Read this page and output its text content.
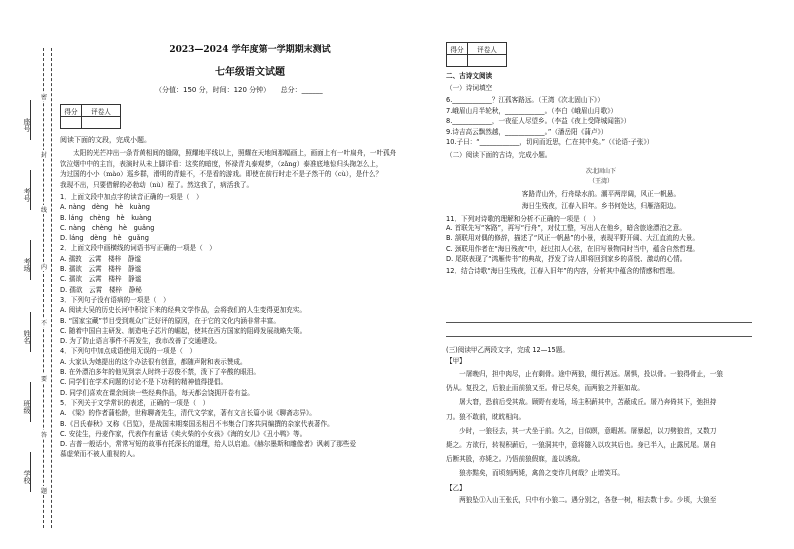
座号
考号
考场
姓名
班级
学校
密
封
线
内
不
要
答
题
2023—2024 学年度第一学期期末测试
七年级语文试题
（分值：150 分，时间：120 分钟）　　总分：______
得分	评卷人

阅读下面的文段，完成小题。
　　太阳的光芒冲出一条青黄相间的缝隙，照耀地平线以上，照耀在天地间那幅画上，画面上有一叶扁舟，一叶孤舟
饮泣烟中中的主盲，表演时从未上脚详看：这奖的暗度，怀禄青丸泰观梦，（zǎng）泰准底地惊归头掬怎么上，
为过国的小小（mào）巡乡群，滑明的青蛙不，不是看的游戏。即使在前行时走不是子然干的（cù），是什么？
我现不出，只要借解的必勃动（nù）程了。然这我了，病活我了。
1．上面文段中加点字的读音正确的一项是（　）
A. nàng　dèng　hè　kuàng
B. láng　chèng　hè　kuàng
C. nàng　chèng　hè　guǎng
D. láng　dèng　hè　guǎng
2．上面文段中画横线的词语书写正确的一项是（　）
A. 孺敦　云霄　楼梓　静谧
B. 孺欲　云霄　楼梓　静谧
C. 孺欲　云霄　楼梓　静谧
D. 孺欲　云霄　楼梓　静秘
3．下列句子没有语病的一项是（　）
A. 阅读大吴的历史长河中积淀下来的经典文学作品，会将我们的人生变得更加充实。
B. “国家宝藏”节目受到观众广泛好评的原因，在于它的文化内涵非常丰富。
C. 随着中国自主研发、制造电子芯片的崛起，使其在西方国家的阻碍发展战略失策。
D. 为了防止语言事件不再发生，我市改善了交通建设。
4．下列句中加点成语使用无误的一项是（　）
A. 大家认为她提出的这个办法很有创意，都随声附和表示赞成。
B. 在外漂泊多年的他见到亲人时终于忍俊不禁，泼下了辛酸的眼泪。
C. 同学们在学术问题的讨论不是下功利的精神值得提倡。
D. 同学们喜欢在课余间读一些经典作品，每天都会饶拥开卷有益。
5．下列关于文学常识的表述，正确的一项是（　）
A. 《梁》的作者蒲松龄，世称聊斋先生，清代文学家，著有文言长篇小说《聊斋志异》。
B.《吕氏春秋》又称《吕览》，是战国末期秦国丞相吕不韦集合门客共同编撰的杂家代表著作。
C. 安徒生，丹麦作家，代表作有童话《卖火柴的小女孩》《海的女儿》《丑小鸭》等。
D. 吉普一般话小，常常写短的故事有托深长的道理，给人以启迪。《赫尔墨斯和雕像者》讽刺了那些爱
慕虚荣而不被人重视的人。
得分	评卷人

二、古诗文阅读
（一）诗词填空
6.____________？江孤客路远。（王湾《次北固山下》）
7.峨眉山月半轮秋，____________。（李白《峨眉山月歌》）
8.____________，一夜征人尽望乡。（李益《夜上受降城闻笛》）
9.诗吉高云飘然越，____________。”（潘岳阳《蒲卢》）
10.子曰：“____________，切问而近思，仁在其中矣。”（《论语·子张》）
（二）阅读下面的古诗，完成小题。
次北固山下
（王湾）
客路青山外，行舟绿水前。潮平两岸阔，风正一帆悬。
海日生残夜，江春入旧年。乡书何处达，归雁洛阳边。
11．下列对诗歌的理解和分析不正确的一项是（　）
A. 首联先写“客路”，再写“行舟”，对仗工整，写出人在他乡，暗含旅途漂泊之意。
B. 颔联用对偶的修辞，描述了“风正一帆悬”的小景，表现平野开阔、大江直流的大景。
C. 颈联用作者在“海日残夜”中，赶过扣人心弦，在旧写景物同时当中，蕴含自然哲理。
D. 尾联表现了“鸿雁传书”的典故，抒发了诗人即将回到家乡的喜悦、激动的心情。
12．结合诗歌“海日生残夜，江春入旧年”的内容，分析其中蕴含的情感和哲理。
(三)阅读甲乙两段文字，完成 12—15题。
【甲】
　　一屠晚归，担中肉尽，止有剩骨。途中两狼，缀行甚远。屠惧，投以骨。一狼得骨止，一狼
仍从。复投之，后狼止而前狼又至。骨已尽矣，而两狼之并驱如故。
　　屠大窘，恐前后受其敌。顾野有麦场，场主积薪其中，苫蔽成丘。屠乃奔倚其下，弛担持
刀。狼不敢前，眈眈相向。
　　少时，一狼径去，其一犬坐于前。久之，目似瞑，意暇甚。屠暴起，以刀劈狼首，又数刀
毙之。方欲行，转视积薪后，一狼洞其中，意将隧入以攻其后也。身已半入，止露尻尾。屠自
后断其股，亦毙之。乃悟前狼假寐，盖以诱敌。
　　狼亦黠矣，而顷刻两毙，禽兽之变诈几何哉？止增笑耳。
【乙】
　　两狼坠①入山王张氏，只中有小狼二。遇分别之，各登一树，相去数十步。少顷，大狼至
